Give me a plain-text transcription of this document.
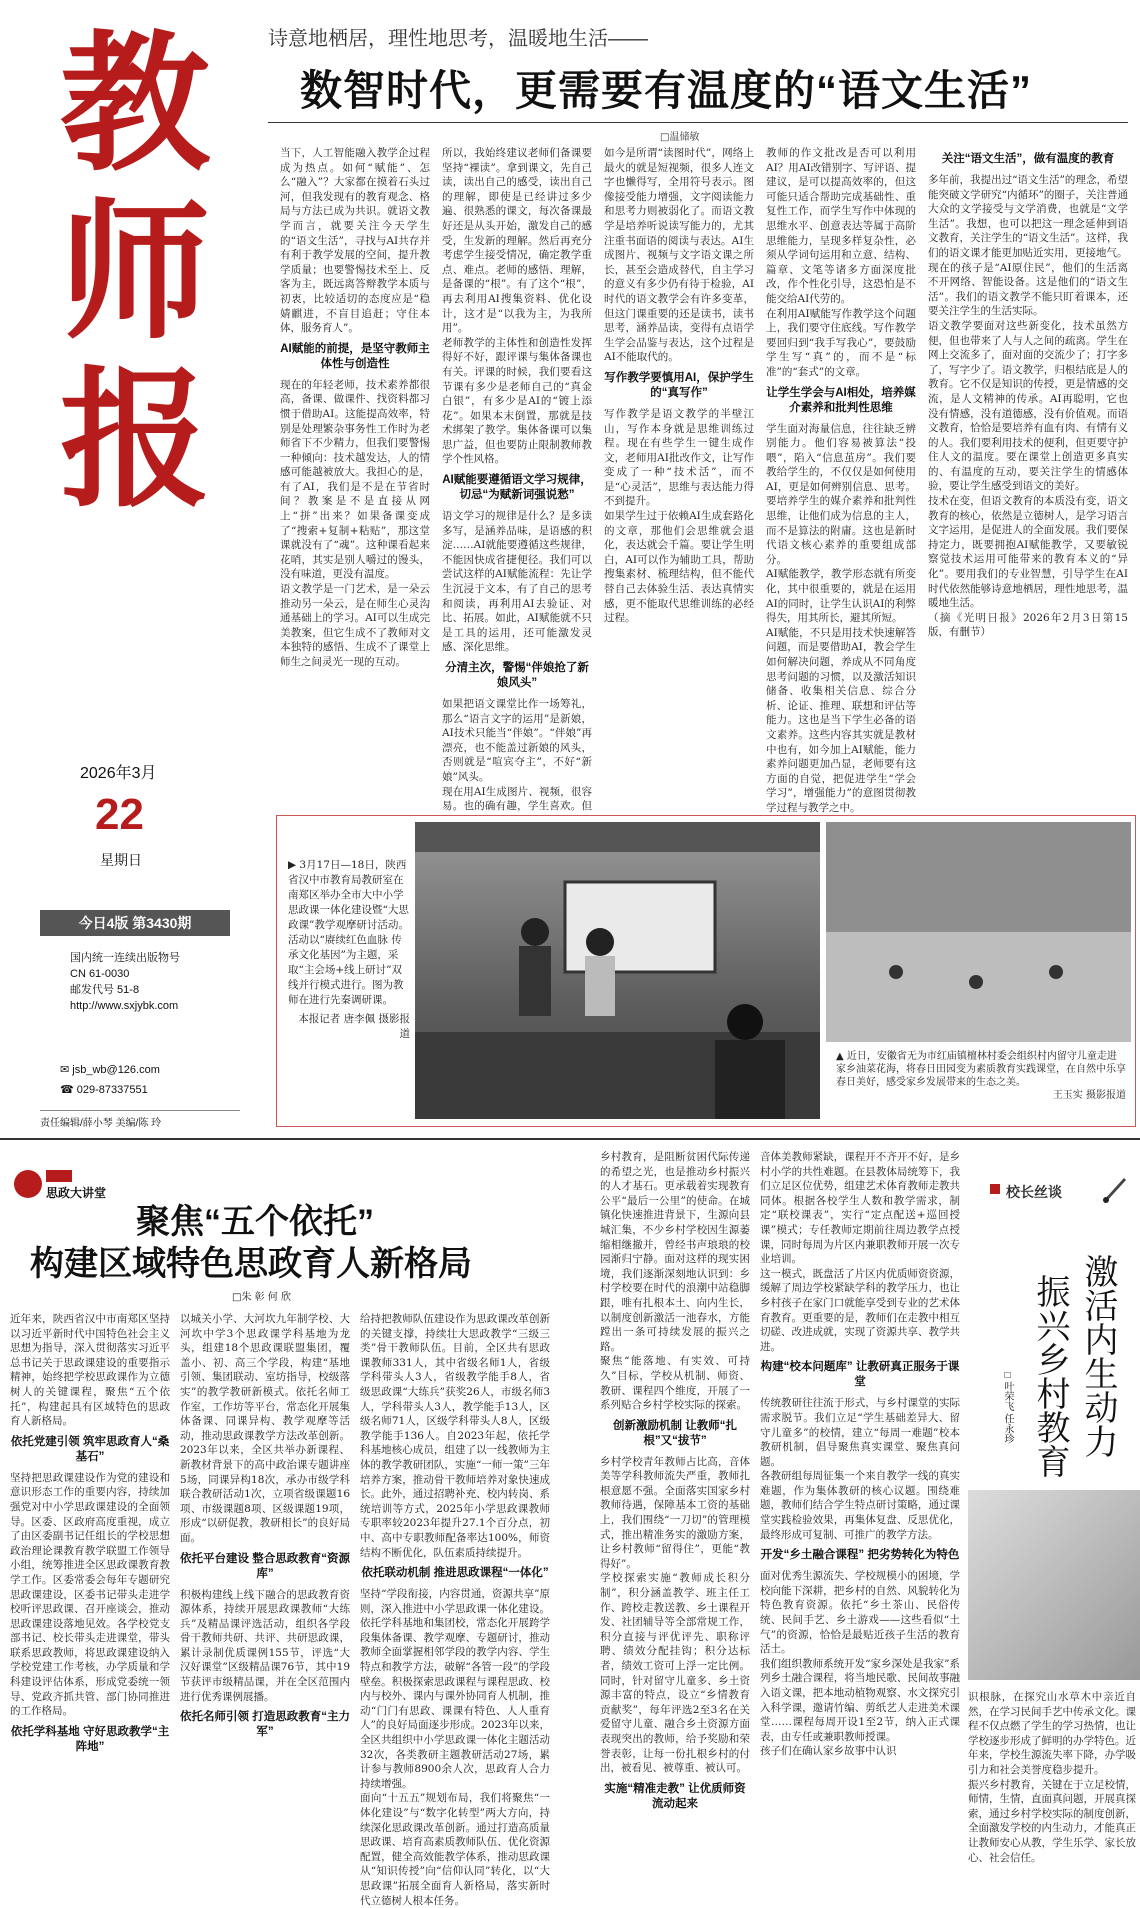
教师报
2026年3月
22
星期日
今日4版 第3430期
国内统一连续出版物号
CN 61-0030
邮发代号 51-8
http://www.sxjybk.com
✉ jsb_wb@126.com
☎ 029-87337551
责任编辑/薛小琴 美编/陈 玲
诗意地栖居，理性地思考，温暖地生活——
数智时代，更需要有温度的“语文生活”
□温储敏

当下，人工智能融入教学企过程成为热点。如何“赋能”、怎么“融入”？大家都在摸着石头过河，但我发现有的教育观念、格局与方法已成为共识。就语文教学而言，就要关注今天学生的“语文生活”，寻找与AI共存并有利于教学发展的空间，提升教学质量；也要警惕技术至上、反客为主，既远离答辩教学本质与初衷，比较适切的态度应是“稳婧麒进，不盲目追赶；守住本体，服务育人”。

AI赋能的前提，是坚守教师主体性与创造性

现在的年轻老师，技术素养都很高，备课、做课件、找资料都习惯于借助AI。这能提高效率，特别是处理繁杂事务性工作时为老师省下不少精力，但我们要警惕一种倾向：技术越发达，人的情感可能越被放大。我担心的是，有了AI，我们是不是在节省时间？教案是不是直接从网上“拼”出来？如果备课变成了“搜索+复制+粘贴”，那这堂课就没有了“魂”。这种课看起来花哨，其实是别人嚼过的馒头，没有味道，更没有温度。

语文教学是一门艺术，是一朵云推动另一朵云，是在师生心灵沟通基础上的学习。AI可以生成完美教案，但它生成不了教师对文本独特的感悟、生成不了课堂上师生之间灵光一现的互动。

所以，我始终建议老师们备课要坚持“裸读”。拿到课文，先自己读，读出自己的感受，读出自己的理解，即使是已经讲过多少遍、很熟悉的课文，每次备课最好还是从头开始，激发自己的感受，生发新的理解。然后再充分考虑学生接受情况，确定教学重点、难点。老师的感悟、理解，是备课的“根”。有了这个“根”，再去利用AI搜集资料、优化设计，这才是“以我为主，为我所用”。

老师教学的主体性和创造性发挥得好不好，跟评课与集体备课也有关。评课的时候，我们要看这节课有多少是老师自己的“真金白银”，有多少是AI的“镀上添花”。如果本末倒置，那就是技术绑架了教学。集体备课可以集思广益，但也要防止限制教师教学个性风格。

AI赋能要遵循语文学习规律，切忌“为赋新词强说愁”

语文学习的规律是什么？是多读多写，是涵养品味，是语感的积淀……AI就能要遵循这些规律，不能因快成省捷便径。我们可以尝试这样的AI赋能流程：先让学生沉浸于文本，有了自己的思考和阅读，再利用AI去验证、对比、拓展。如此，AI赋能就不只是工具的运用，还可能激发灵感、深化思维。

分清主次，警惕“伴娘抢了新娘风头”

如果把语文课堂比作一场筹礼，那么“语言文字的运用”是新娘，AI技术只能当“伴娘”。“伴娘”再漂亮，也不能盖过新娘的风头，否则就是“喧宾夺主”，不好“新娘”风头。

现在用AI生成图片、视频，很容易。也的确有趣，学生喜欢。但

如今是所谓“读图时代”，网络上最火的就是短视频，很多人连文字也懒得写，全用符号表示。图像接受能力增强，文字阅读能力和思考力则被弱化了。而语文教学是培养听说读写能力的，尤其注重书面语的阅读与表达。AI生成图片、视频与文字语文课之所长，甚至会造成替代，自主学习的意义有多少仍有待于检验，AI时代的语文教学会有许多变革，但这门课重要的还是读书，读书思考，涵养品读，变得有点语学生学会品鉴与表达，这个过程是AI不能取代的。

写作教学要慎用AI，保护学生的“真写作”

写作教学是语文教学的半壁江山，写作本身就是思维训练过程。现在有些学生一键生成作文，老师用AI批改作文，让写作变成了一种“技术活”，而不是“心灵活”，思维与表达能力得不到提升。

如果学生过于依赖AI生成套路化的文章，那他们会思维就会退化，表达就会千篇。要让学生明白，AI可以作为辅助工具，帮助搜集素材、梳理结构，但不能代替自己去体验生活、表达真情实感，更不能取代思维训练的必经过程。

教师的作文批改是否可以利用AI？用AI改错别字、写评语、提建议，是可以提高效率的，但这可能只适合帮助完成基础性、重复性工作，而学生写作中体现的思维水平、创意表达等属于高阶思维能力，呈现多样复杂性，必须从学词句运用和立意、结构、篇章、文笔等诸多方面深度批改，作个性化引导，这恐怕是不能交给AI代劳的。

在利用AI赋能写作教学这个问题上，我们要守住底线。写作教学要回归到“我手写我心”，要鼓励学生写“真”的，而不是“标准”的“套式”的文章。

让学生学会与AI相处，培养媒介素养和批判性思维

学生面对海量信息，往往缺乏辨别能力。他们容易被算法“投喂”，陷入“信息茧房”。我们要教给学生的，不仅仅是如何使用AI，更是如何辨别信息、思考。要培养学生的媒介素养和批判性思维，让他们成为信息的主人，而不是算法的附庸。这也是新时代语文核心素养的重要组成部分。

AI赋能教学，教学形态就有所变化，其中很重要的，就是在运用AI的同时，让学生认识AI的利弊得失，用其所长，避其所短。

AI赋能，不只是用技术快速解答问题，而是要借助AI，教会学生如何解决问题，养成从不同角度思考问题的习惯，以及激活知识储备、收集相关信息、综合分析、论证、推理、联想和评估等能力。这也是当下学生必备的语文素养。这些内容其实就是教材中也有，如今加上AI赋能，能力素养问题更加凸显，老师要有这方面的自觉，把促进学生“学会学习”，增强能力”的意图贯彻教学过程与教学之中。

关注“语文生活”，做有温度的教育

多年前，我提出过“语文生活”的理念，希望能突破文学研究“内循环”的圈子，关注普通大众的文学接受与文学消费，也就是“文学生活”。我想，也可以把这一理念延伸到语文教育，关注学生的“语文生活”。这样，我们的语文课才能更加贴近实用，更接地气。

现在的孩子是“AI原住民”，他们的生活离不开网络、智能设备。这是他们的“语文生活”。我们的语文教学不能只盯着课本，还要关注学生的生活实际。

语文教学要面对这些新变化，技术虽然方便，但也带来了人与人之间的疏离。学生在网上交流多了，面对面的交流少了；打字多了，写字少了。语文教学，归根结底是人的教育。它不仅是知识的传授，更是情感的交流，是人文精神的传承。AI再聪明，它也没有情感，没有道德感，没有价值观。而语文教育，恰恰是要培养有血有肉、有情有义的人。我们要利用技术的便利，但更要守护住人文的温度。要在课堂上创造更多真实的、有温度的互动，要关注学生的情感体验，要让学生感受到语文的美好。

技术在变，但语文教育的本质没有变，语文教育的核心，依然是立德树人，是学习语言文字运用，是促进人的全面发展。我们要保持定力，既要拥抱AI赋能教学，又要敏锐察觉技术运用可能带来的教育本义的“异化”。要用我们的专业智慧，引导学生在AI时代依然能够诗意地栖居，理性地思考，温暖地生活。

（摘《光明日报》2026年2月3日第15版，有删节）

▶ 3月17日—18日，陕西省汉中市教育局教研室在南郑区举办全市大中小学思政课一体化建设暨“大思政课”教学观摩研讨活动。活动以“赓续红色血脉 传承文化基因”为主题，采取“主会场+线上研讨”双线并行模式进行。图为教师在进行先秦调研课。
本报记者 唐李佩 摄影报道
▲ 近日，安徽省无为市红庙镇檀林村委会组织村内留守儿童走进家乡油菜花海，将春日田园变为素质教育实践课堂，在自然中乐享春日美好，感受家乡发展带来的生态之美。
王玉实 摄影报道
思政大讲堂
聚焦“五个依托”
构建区域特色思政育人新格局
□朱 彰 何 欣

近年来，陕西省汉中市南郑区坚持以习近平新时代中国特色社会主义思想为指导，深入贯彻落实习近平总书记关于思政课建设的重要指示精神，始终把学校思政课作为立德树人的关键课程，聚焦“五个依托”，构建起具有区域特色的思政育人新格局。

依托党建引领 筑牢思政育人“桑基石”

坚持把思政课建设作为党的建设和意识形态工作的重要内容，持续加强党对中小学思政课建设的全面领导。区委、区政府高度重视，成立了由区委副书记任组长的学校思想政治理论课教育教学联盟工作领导小组，统筹推进全区思政课教育教学工作。区委常委会每年专题研究思政课建设，区委书记带头走进学校听评思政课、召开座谈会，推动思政课建设落地见效。各学校党支部书记、校长带头走进课堂，带头联系思政教师，将思政课建设纳入学校党建工作考核，办学质量和学科建设评估体系，形成党委统一领导、党政齐抓共管、部门协同推进的工作格局。

依托学科基地 守好思政教学“主阵地”

以城关小学、大河坎九年制学校、大河坎中学3个思政课学科基地为龙头，组建18个思政课联盟集团，覆盖小、初、高三个学段，构建“基地引领、集团联动、室坊指导，校级落实”的教学教研新模式。依托名师工作室，工作坊等平台，常态化开展集体备课、同课异构、教学观摩等活动，推动思政课教学方法改革创新。2023年以来，全区共举办新课程、新教材背景下的高中政治课专题讲座5场，同课异构18次，承办市级学科联合教研活动1次，立项省级课题16项、市级课题8项、区级课题19项，形成“以研促教，教研相长”的良好局面。

依托平台建设 整合思政教育“资源库”

积极构建线上线下融合的思政教育资源体系，持续开展思政课教师“大练兵”及精品课评选活动，组织各学段骨干教师共研、共评、共研思政课，累计录制优质课例155节，评选“大汉好课堂”区级精品课76节，其中19节获评市级精品课，并在全区范围内进行优秀课例展播。

依托名师引领 打造思政教育“主力军”

给持把教师队伍建设作为思政课改革创新的关键支撑，持续壮大思政教学“三级三类”骨干教师队伍。目前，全区共有思政课教师331人，其中省级名师1人，省级学科带头人3人，省级教学能手8人，省级思政课“大练兵”获奖26人，市级名师3人，学科带头人3人，教学能手13人，区级名师71人，区级学科带头人8人，区级教学能手136人。自2023年起，依托学科基地核心成员，组建了以一线教师为主体的教学教研团队，实施“一师一策”三年培养方案，推动骨干教师培养对象快速成长。此外，通过招聘补充、校内转岗、系统培训等方式，2025年小学思政课教师专职率较2023年提升27.1个百分点，初中、高中专职教师配备率达100%，师资结构不断优化，队伍素质持续提升。

依托联动机制 推进思政课程“一体化”

坚持“学段衔接，内容贯通，资源共享”原则，深入推进中小学思政课一体化建设。依托学科基地和集团校，常态化开展跨学段集体备课、教学观摩、专题研讨，推动教师全面掌握相邻学段的教学内容、学生特点和教学方法，破解“各管一段”的学段壁垒。积极探索思政课程与课程思政、校内与校外、课内与课外协同育人机制，推动“门门有思政、课课有特色、人人重育人”的良好局面逐步形成。2023年以来，全区共组织中小学思政课一体化主题活动32次，各类教研主题教研活动27场，累计参与教师8900余人次，思政育人合力持续增强。

面向“十五五”规划布局，我们将聚焦“一体化建设”与“数字化转型”两大方向，持续深化思政课改革创新。通过打造高质量思政课、培育高素质教师队伍、优化资源配置，健全高效能教学体系，推动思政课从“知识传授”向“信仰认同”转化，以“大思政课”拓展全面育人新格局，落实新时代立德树人根本任务。

乡村教育，是阻断贫困代际传递的希望之光，也是推动乡村振兴的人才基石。更承载着实现教育公平“最后一公里”的使命。在城镇化快速推进背景下，生源向县城汇集，不少乡村学校因生源萎缩相继撤并，曾经书声琅琅的校园渐归宁静。面对这样的现实困境，我们逐渐深刻地认识到：乡村学校要在时代的浪潮中站稳脚跟，唯有扎根本土、向内生长，以制度创新激活一池春水，方能蹚出一条可持续发展的振兴之路。

聚焦“能落地、有实效、可持久”目标，学校从机制、师资、教研、课程四个维度，开展了一系列贴合乡村学校实际的探索。

创新激励机制 让教师“扎根”又“拔节”

乡村学校青年教师占比高，音体美等学科教师流失严重，教师扎根意愿不强。全面落实国家乡村教师待遇，保障基本工资的基础上，我们围绕“一刀切”的管理模式，推出精准务实的激励方案，让乡村教师“留得住”，更能“教得好”。

学校探索实施“教师成长积分制”，积分涵盖教学、班主任工作、跨校走教送教、乡土课程开发、社团辅导等全部常规工作，积分直接与评优评先、职称评聘、绩效分配挂钩；积分达标者，绩效工资可上浮一定比例。同时，针对留守儿童多、乡土资源丰富的特点，设立“乡情教育贡献奖”，每年评选2至3名在关爱留守儿童、融合乡土资源方面表现突出的教师，给予奖励和荣誉表彰，让每一份扎根乡村的付出，被看见、被尊重、被认可。

实施“精准走教” 让优质师资流动起来

音体美教师紧缺，课程开不齐开不好，是乡村小学的共性难题。在县教体局统筹下，我们立足区位优势，组建艺术体育教师走教共同体。根据各校学生人数和教学需求，制定“联校课表”，实行“定点配送+巡回授课”模式；专任教师定期前往周边教学点授课，同时每周为片区内兼职教师开展一次专业培训。

这一模式，既盘活了片区内优质师资资源，缓解了周边学校紧缺学科的教学压力，也让乡村孩子在家门口就能享受到专业的艺术体育教育。更重要的是，教师们在走教中相互切磋、改进成就，实现了资源共享、教学共进。

构建“校本问题库” 让教研真正服务于课堂

传统教研往往流于形式，与乡村课堂的实际需求脱节。我们立足“学生基础差异大、留守儿童多”的校情，建立“每周一难题”校本教研机制，倡导聚焦真实课堂、聚焦真问题。

各教研组每周征集一个来自教学一线的真实难题，作为集体教研的核心议题。围绕难题，教师们结合学生特点研讨策略，通过课堂实践检验效果，再集体复盘、反思优化，最终形成可复制、可推广的教学方法。

开发“乡土融合课程” 把劣势转化为特色

面对优秀生源流失、学校规模小的困境，学校向能下深耕，把乡村的自然、风貌转化为特色教育资源。依托“乡土茶山、民俗传统、民间手艺、乡土游戏——这些看似“土气”的资源，恰恰是最贴近孩子生活的教育活土。

我们组织教师系统开发“家乡深处是我家”系列乡土融合课程，将当地民歌、民间故事融入语文课，把本地动植物观察、水文探究引入科学课，邀请竹编、剪纸艺人走进美术课堂……课程每周开设1至2节，纳入正式课表，由专任或兼职教师授课。

孩子们在确认家乡故事中认识

校长丝谈
激活内生动力
振兴乡村教育
□叶荣飞 任永珍

识根脉，在探究山水草木中亲近自然，在学习民间手艺中传承文化。课程不仅点燃了学生的学习热情，也让学校逐步形成了鲜明的办学特色。近年来，学校生源流失率下降，办学吸引力和社会美誉度稳步提升。

振兴乡村教育，关键在于立足校情，师情，生情，直面真问题，开展真探索，通过乡村学校实际的制度创新，全面激发学校的内生动力，才能真正让教师安心从教，学生乐学、家长放心、社会信任。
